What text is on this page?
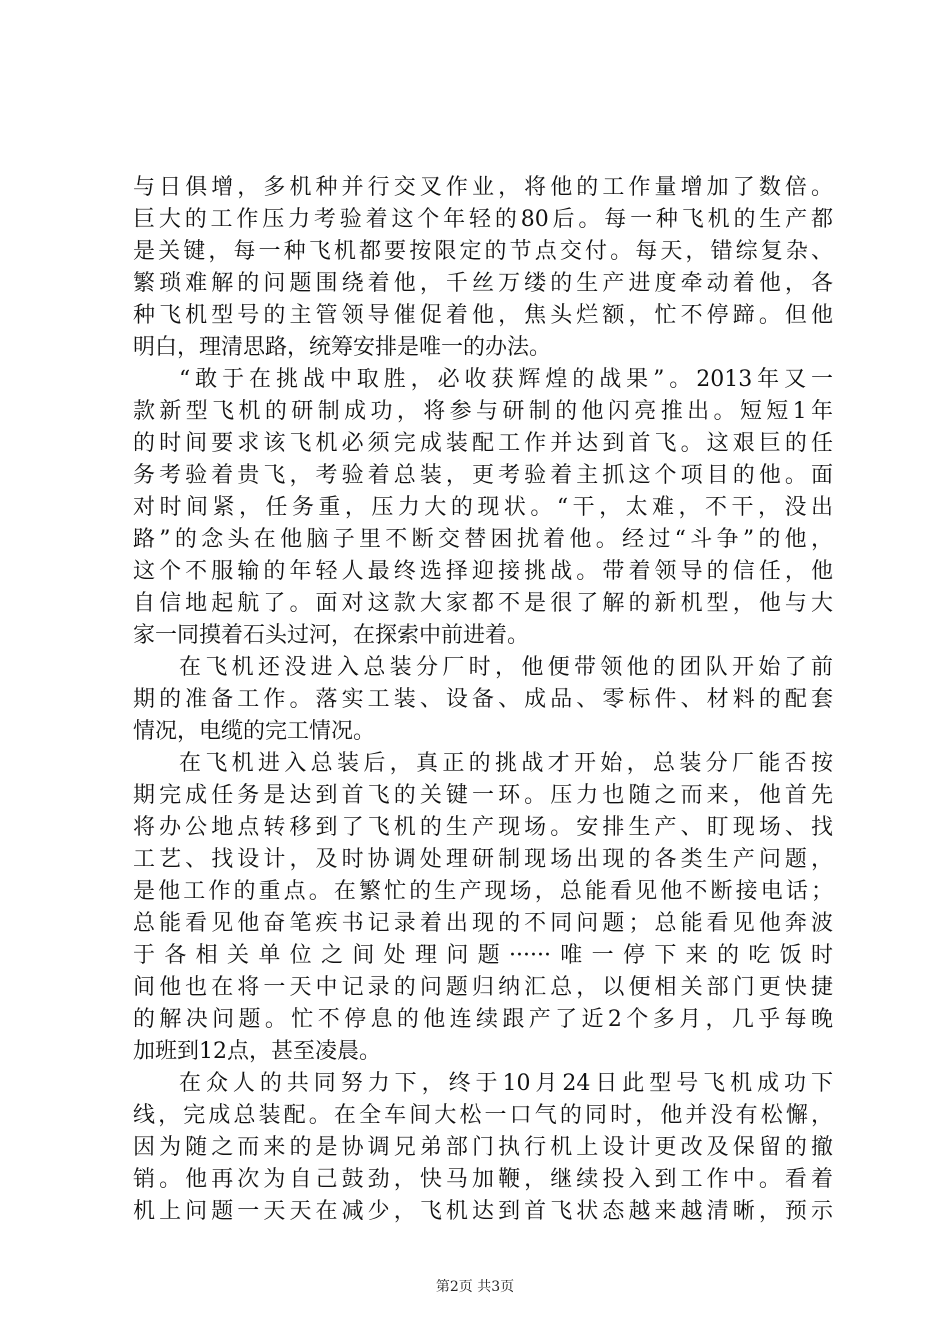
与日俱增，多机种并行交叉作业，将他的工作量增加了数倍。
巨大的工作压力考验着这个年轻的80后。每一种飞机的生产都
是关键，每一种飞机都要按限定的节点交付。每天，错综复杂、
繁琐难解的问题围绕着他，千丝万缕的生产进度牵动着他，各
种飞机型号的主管领导催促着他，焦头烂额，忙不停蹄。但他
明白，理清思路，统筹安排是唯一的办法。
“敢于在挑战中取胜，必收获辉煌的战果”。2013年又一
款新型飞机的研制成功，将参与研制的他闪亮推出。短短1年
的时间要求该飞机必须完成装配工作并达到首飞。这艰巨的任
务考验着贵飞，考验着总装，更考验着主抓这个项目的他。面
对时间紧，任务重，压力大的现状。“干，太难，不干，没出
路”的念头在他脑子里不断交替困扰着他。经过“斗争”的他，
这个不服输的年轻人最终选择迎接挑战。带着领导的信任，他
自信地起航了。面对这款大家都不是很了解的新机型，他与大
家一同摸着石头过河，在探索中前进着。
在飞机还没进入总装分厂时，他便带领他的团队开始了前
期的准备工作。落实工装、设备、成品、零标件、材料的配套
情况，电缆的完工情况。
在飞机进入总装后，真正的挑战才开始，总装分厂能否按
期完成任务是达到首飞的关键一环。压力也随之而来，他首先
将办公地点转移到了飞机的生产现场。安排生产、盯现场、找
工艺、找设计，及时协调处理研制现场出现的各类生产问题，
是他工作的重点。在繁忙的生产现场，总能看见他不断接电话；
总能看见他奋笔疾书记录着出现的不同问题；总能看见他奔波
于各相关单位之间处理问题······唯一停下来的吃饭时
间他也在将一天中记录的问题归纳汇总，以便相关部门更快捷
的解决问题。忙不停息的他连续跟产了近2个多月，几乎每晚
加班到12点，甚至凌晨。
在众人的共同努力下，终于10月24日此型号飞机成功下
线，完成总装配。在全车间大松一口气的同时，他并没有松懈，
因为随之而来的是协调兄弟部门执行机上设计更改及保留的撤
销。他再次为自己鼓劲，快马加鞭，继续投入到工作中。看着
机上问题一天天在减少，飞机达到首飞状态越来越清晰，预示
第2页 共3页
